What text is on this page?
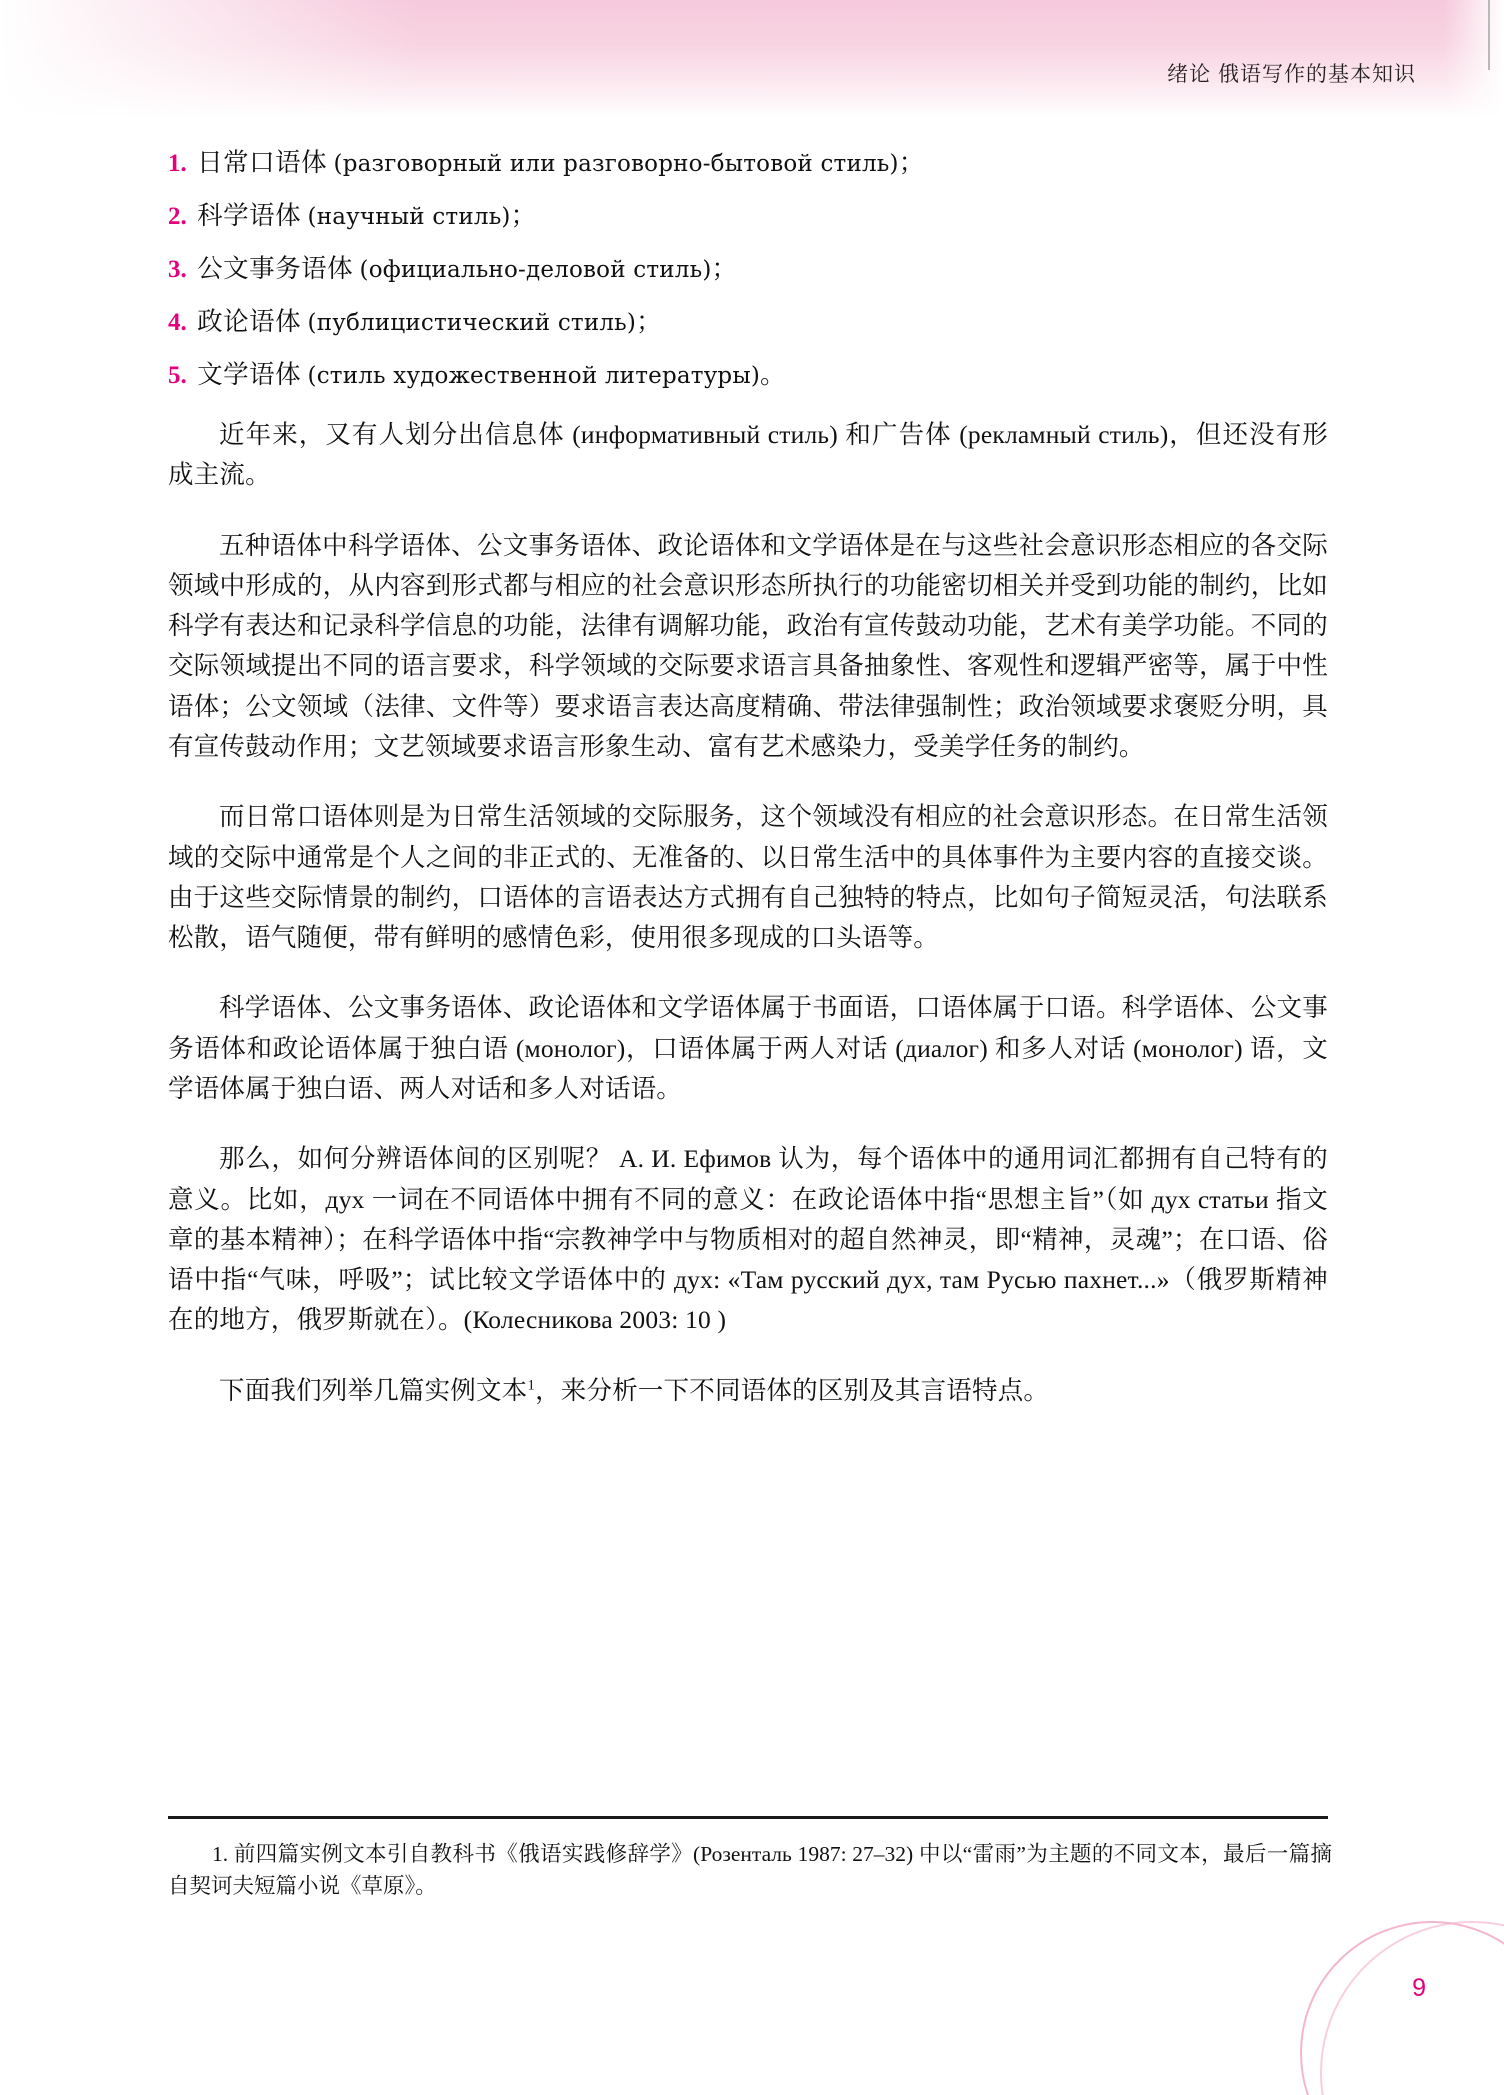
绪论 俄语写作的基本知识
1. 日常口语体 (разговорный или разговорно-бытовой стиль)；
2. 科学语体 (научный стиль)；
3. 公文事务语体 (официально-деловой стиль)；
4. 政论语体 (публицистический стиль)；
5. 文学语体 (стиль художественной литературы)。

近年来，又有人划分出信息体 (информативный стиль) 和广告体 (рекламный стиль)，但还没有形成主流。

五种语体中科学语体、公文事务语体、政论语体和文学语体是在与这些社会意识形态相应的各交际领域中形成的，从内容到形式都与相应的社会意识形态所执行的功能密切相关并受到功能的制约，比如科学有表达和记录科学信息的功能，法律有调解功能，政治有宣传鼓动功能，艺术有美学功能。不同的交际领域提出不同的语言要求，科学领域的交际要求语言具备抽象性、客观性和逻辑严密等，属于中性语体；公文领域（法律、文件等）要求语言表达高度精确、带法律强制性；政治领域要求褒贬分明，具有宣传鼓动作用；文艺领域要求语言形象生动、富有艺术感染力，受美学任务的制约。

而日常口语体则是为日常生活领域的交际服务，这个领域没有相应的社会意识形态。在日常生活领域的交际中通常是个人之间的非正式的、无准备的、以日常生活中的具体事件为主要内容的直接交谈。由于这些交际情景的制约，口语体的言语表达方式拥有自己独特的特点，比如句子简短灵活，句法联系松散，语气随便，带有鲜明的感情色彩，使用很多现成的口头语等。

科学语体、公文事务语体、政论语体和文学语体属于书面语，口语体属于口语。科学语体、公文事务语体和政论语体属于独白语 (монолог)，口语体属于两人对话 (диалог) 和多人对话 (монолог) 语，文学语体属于独白语、两人对话和多人对话语。

那么，如何分辨语体间的区别呢？ А. И. Ефимов 认为，每个语体中的通用词汇都拥有自己特有的意义。比如，дух 一词在不同语体中拥有不同的意义：在政论语体中指“思想主旨”（如 дух статьи 指文章的基本精神）；在科学语体中指“宗教神学中与物质相对的超自然神灵，即“精神，灵魂”；在口语、俗语中指“气味，呼吸”；试比较文学语体中的 дух: «Там русский дух, там Русью пахнет...»（俄罗斯精神在的地方，俄罗斯就在）。(Колесникова 2003: 10 )

下面我们列举几篇实例文本$^1$，来分析一下不同语体的区别及其言语特点。

1. 前四篇实例文本引自教科书《俄语实践修辞学》(Розенталь 1987: 27–32) 中以“雷雨”为主题的不同文本，最后一篇摘自契诃夫短篇小说《草原》。
9
